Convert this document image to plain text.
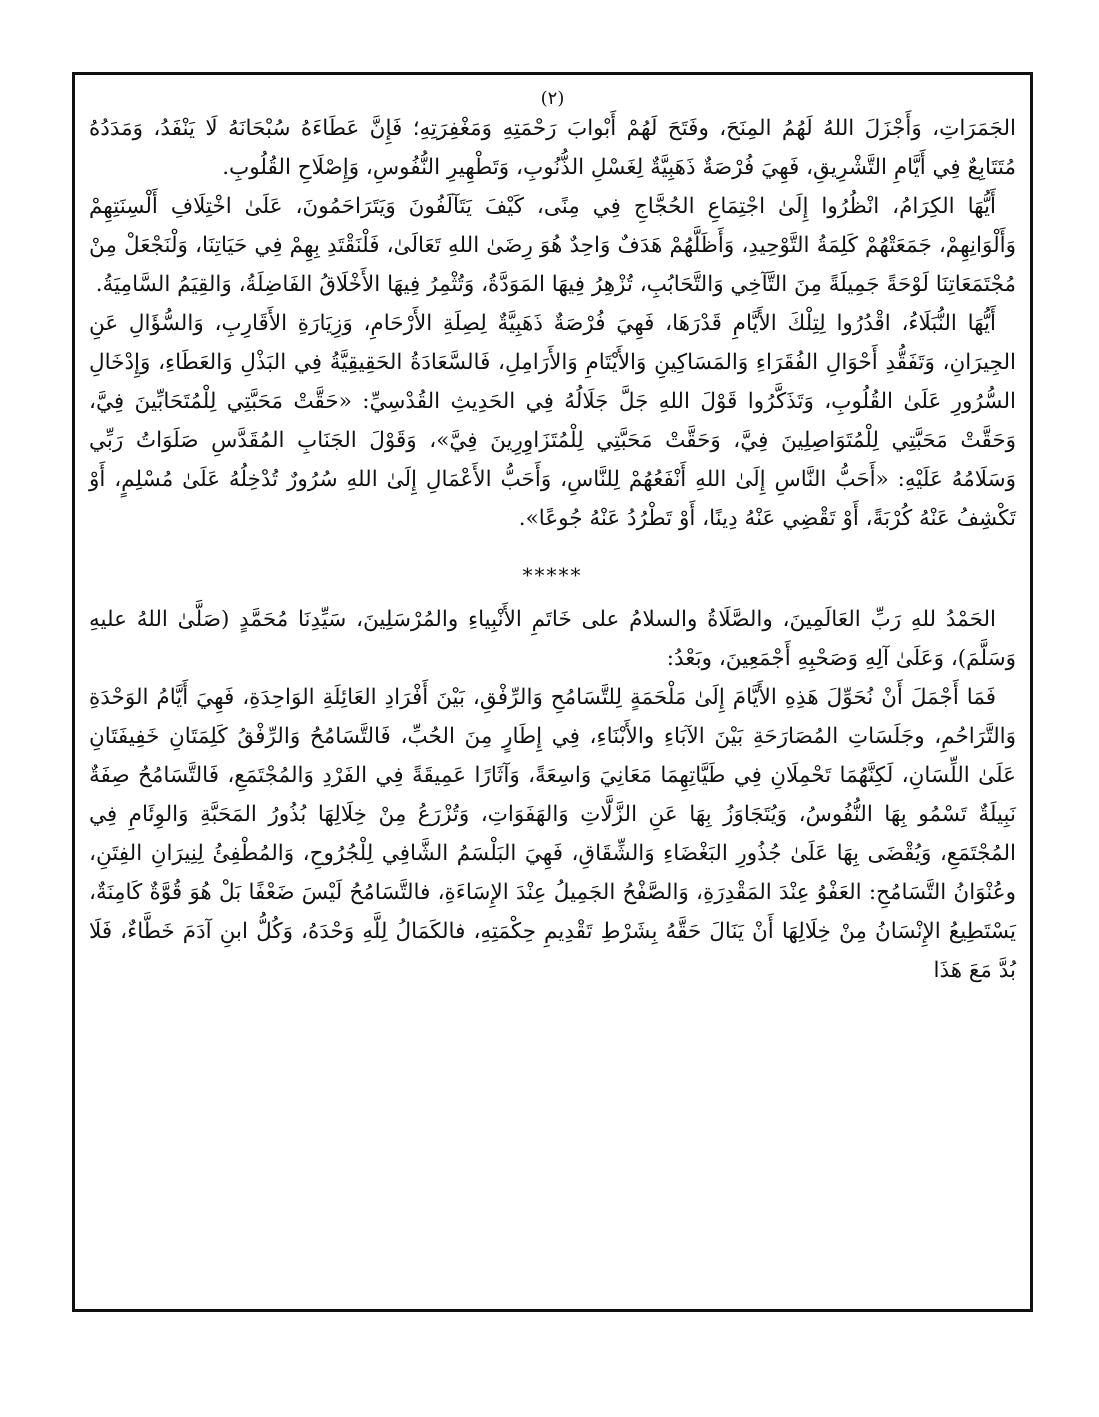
(٢)

الجَمَرَاتِ، وَأَجْزَلَ اللهُ لَهُمُ المِنَحَ، وفَتَحَ لَهُمْ أَبْوابَ رَحْمَتِهِ وَمَغْفِرَتِهِ؛ فَإِنَّ عَطَاءَهُ سُبْحَانَهُ لَا يَنْفَدُ، وَمَدَدُهُ مُتَتَابِعٌ فِي أَيَّامِ التَّشْرِيقِ، فَهِيَ فُرْصَةٌ ذَهَبِيَّةٌ لِغَسْلِ الذُّنُوبِ، وَتَطْهِيرِ النُّفُوسِ، وَإِصْلَاحِ القُلُوبِ.

أَيُّهَا الكِرَامُ، انْظُرُوا إِلَىٰ اجْتِمَاعِ الحُجَّاجِ فِي مِنًى، كَيْفَ يَتَآلَفُونَ وَيَتَرَاحَمُونَ، عَلَىٰ اخْتِلَافِ أَلْسِنَتِهِمْ وَأَلْوَانِهِمْ، جَمَعَتْهُمْ كَلِمَةُ التَّوْحِيدِ، وَأَظَلَّهُمْ هَدَفٌ وَاحِدٌ هُوَ رِضَىٰ اللهِ تَعَالَىٰ، فَلْنَقْتَدِ بِهِمْ فِي حَيَاتِنَا، وَلْنَجْعَلْ مِنْ مُجْتَمَعَاتِنَا لَوْحَةً جَمِيلَةً مِنَ التَّآخِي وَالتَّحَابُبِ، تُزْهِرُ فِيهَا المَوَدَّةُ، وَتُثْمِرُ فِيهَا الأَخْلَاقُ الفَاضِلَةُ، وَالقِيَمُ السَّامِيَةُ.

أَيُّهَا النُّبَلَاءُ، اقْدُرُوا لِتِلْكَ الأَيَّامِ قَدْرَهَا، فَهِيَ فُرْصَةٌ ذَهَبِيَّةٌ لِصِلَةِ الأَرْحَامِ، وَزِيَارَةِ الأَقَارِبِ، وَالسُّؤَالِ عَنِ الجِيرَانِ، وَتَفَقُّدِ أَحْوَالِ الفُقَرَاءِ وَالمَسَاكِينِ وَالأَيْتَامِ وَالأَرَامِلِ، فَالسَّعَادَةُ الحَقِيقِيَّةُ فِي البَذْلِ وَالعَطَاءِ، وَإِدْخَالِ السُّرُورِ عَلَىٰ القُلُوبِ، وَتَذَكَّرُوا قَوْلَ اللهِ جَلَّ جَلَالُهُ فِي الحَدِيثِ القُدْسِيِّ: «حَقَّتْ مَحَبَّتِي لِلْمُتَحَابِّينَ فِيَّ، وَحَقَّتْ مَحَبَّتِي لِلْمُتَوَاصِلِينَ فِيَّ، وَحَقَّتْ مَحَبَّتِي لِلْمُتَزَاوِرِينَ فِيَّ»، وَقَوْلَ الجَنَابِ المُقَدَّسِ صَلَوَاتُ رَبِّي وَسَلَامُهُ عَلَيْهِ: «أَحَبُّ النَّاسِ إِلَىٰ اللهِ أَنْفَعُهُمْ لِلنَّاسِ، وَأَحَبُّ الأَعْمَالِ إِلَىٰ اللهِ سُرُورٌ تُدْخِلُهُ عَلَىٰ مُسْلِمٍ، أَوْ تَكْشِفُ عَنْهُ كُرْبَةً، أَوْ تَقْضِي عَنْهُ دِينًا، أَوْ تَطْرُدُ عَنْهُ جُوعًا».

*****

الحَمْدُ للهِ رَبِّ العَالَمِينَ، والصَّلَاةُ والسلامُ على خَاتَمِ الأَنْبِياءِ والمُرْسَلِينَ، سَيِّدِنَا مُحَمَّدٍ (صَلَّىٰ اللهُ عليهِ وَسَلَّمَ)، وَعَلَىٰ آلِهِ وَصَحْبِهِ أَجْمَعِينَ، وبَعْدُ:

فَمَا أَجْمَلَ أَنْ نُحَوِّلَ هَذِهِ الأَيَّامَ إِلَىٰ مَلْحَمَةٍ لِلتَّسَامُحِ وَالرِّفْقِ، بَيْنَ أَفْرَادِ العَائِلَةِ الوَاحِدَةِ، فَهِيَ أَيَّامُ الوَحْدَةِ وَالتَّرَاحُمِ، وجَلَسَاتِ المُصَارَحَةِ بَيْنَ الآبَاءِ والأَبْنَاءِ، فِي إِطَارٍ مِنَ الحُبِّ، فَالتَّسَامُحُ وَالرِّفْقُ كَلِمَتَانِ خَفِيفَتَانِ عَلَىٰ اللِّسَانِ، لَكِنَّهُمَا تَحْمِلَانِ فِي طَيَّاتِهِمَا مَعَانِيَ وَاسِعَةً، وَآثَارًا عَمِيقَةً فِي الفَرْدِ وَالمُجْتَمَعِ، فَالتَّسَامُحُ صِفَةٌ نَبِيلَةٌ تَسْمُو بِهَا النُّفُوسُ، وَيُتَجَاوَزُ بِهَا عَنِ الزَّلَّاتِ وَالهَفَوَاتِ، وَتُزْرَعُ مِنْ خِلَالِهَا بُذُورُ المَحَبَّةِ وَالوِئَامِ فِي المُجْتَمَعِ، وَيُقْضَى بِهَا عَلَىٰ جُذُورِ البَغْضَاءِ وَالشِّقَاقِ، فَهِيَ البَلْسَمُ الشَّافِي لِلْجُرُوحِ، وَالمُطْفِئُ لِنِيرَانِ الفِتَنِ، وعُنْوَانُ التَّسَامُحِ: العَفْوُ عِنْدَ المَقْدِرَةِ، وَالصَّفْحُ الجَمِيلُ عِنْدَ الإِسَاءَةِ، فالتَّسَامُحُ لَيْسَ ضَعْفًا بَلْ هُوَ قُوَّةٌ كَامِنَةٌ، يَسْتَطِيعُ الإِنْسَانُ مِنْ خِلَالِهَا أَنْ يَنَالَ حَقَّهُ بِشَرْطِ تَقْدِيمِ حِكْمَتِهِ، فالكَمَالُ لِلَّهِ وَحْدَهُ، وَكُلُّ ابنِ آدَمَ خَطَّاءٌ، فَلَا بُدَّ مَعَ هَذَا
